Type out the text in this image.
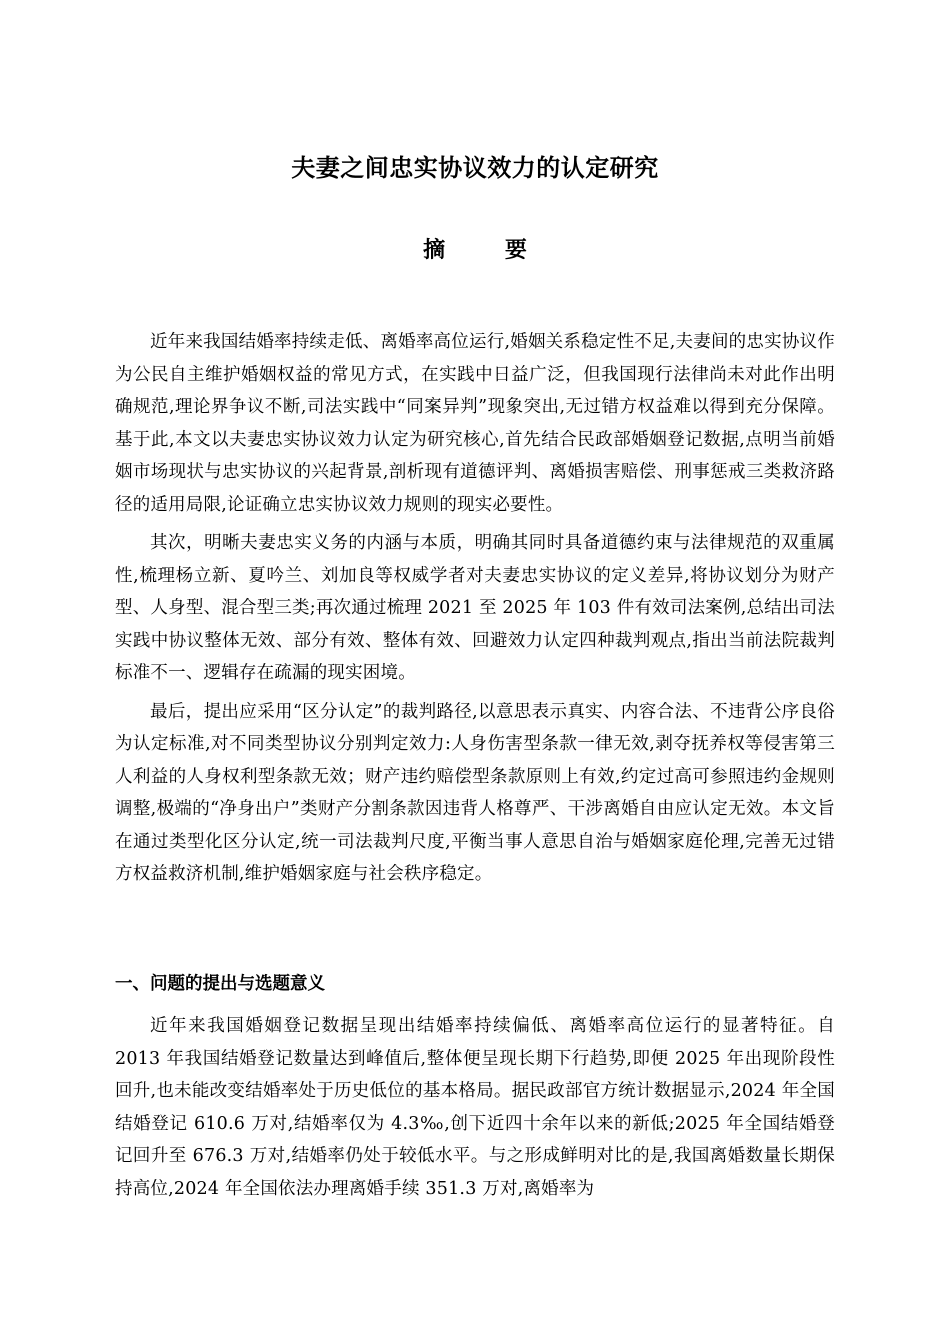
夫妻之间忠实协议效力的认定研究
摘 要

近年来我国结婚率持续走低、离婚率高位运行,婚姻关系稳定性不足,夫妻间的忠实协议作为公民自主维护婚姻权益的常见方式，在实践中日益广泛，但我国现行法律尚未对此作出明确规范,理论界争议不断,司法实践中“同案异判”现象突出,无过错方权益难以得到充分保障。基于此,本文以夫妻忠实协议效力认定为研究核心,首先结合民政部婚姻登记数据,点明当前婚姻市场现状与忠实协议的兴起背景,剖析现有道德评判、离婚损害赔偿、刑事惩戒三类救济路径的适用局限,论证确立忠实协议效力规则的现实必要性。

其次，明晰夫妻忠实义务的内涵与本质，明确其同时具备道德约束与法律规范的双重属性,梳理杨立新、夏吟兰、刘加良等权威学者对夫妻忠实协议的定义差异,将协议划分为财产型、人身型、混合型三类;再次通过梳理 2021 至 2025 年 103 件有效司法案例,总结出司法实践中协议整体无效、部分有效、整体有效、回避效力认定四种裁判观点,指出当前法院裁判标准不一、逻辑存在疏漏的现实困境。

最后，提出应采用“区分认定”的裁判路径,以意思表示真实、内容合法、不违背公序良俗为认定标准,对不同类型协议分别判定效力:人身伤害型条款一律无效,剥夺抚养权等侵害第三人利益的人身权利型条款无效；财产违约赔偿型条款原则上有效,约定过高可参照违约金规则调整,极端的“净身出户”类财产分割条款因违背人格尊严、干涉离婚自由应认定无效。本文旨在通过类型化区分认定,统一司法裁判尺度,平衡当事人意思自治与婚姻家庭伦理,完善无过错方权益救济机制,维护婚姻家庭与社会秩序稳定。

一、问题的提出与选题意义

近年来我国婚姻登记数据呈现出结婚率持续偏低、离婚率高位运行的显著特征。自 2013 年我国结婚登记数量达到峰值后,整体便呈现长期下行趋势,即便 2025 年出现阶段性回升,也未能改变结婚率处于历史低位的基本格局。据民政部官方统计数据显示,2024 年全国结婚登记 610.6 万对,结婚率仅为 4.3‰,创下近四十余年以来的新低;2025 年全国结婚登记回升至 676.3 万对,结婚率仍处于较低水平。与之形成鲜明对比的是,我国离婚数量长期保持高位,2024 年全国依法办理离婚手续 351.3 万对,离婚率为
